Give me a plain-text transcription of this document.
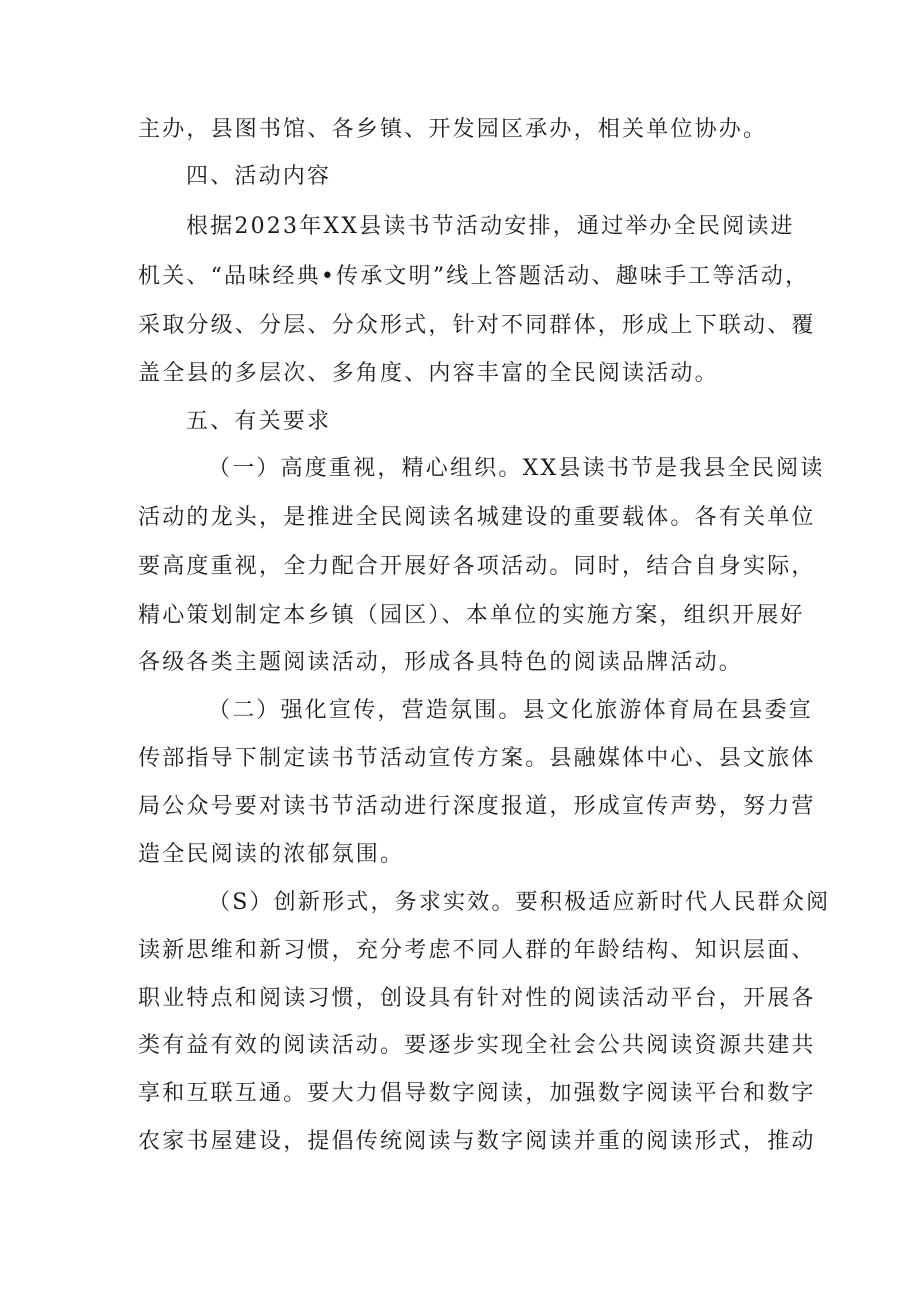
主办，县图书馆、各乡镇、开发园区承办，相关单位协办。
四、活动内容
根据2023年XX县读书节活动安排，通过举办全民阅读进
机关、“品味经典•传承文明”线上答题活动、趣味手工等活动，
采取分级、分层、分众形式，针对不同群体，形成上下联动、覆
盖全县的多层次、多角度、内容丰富的全民阅读活动。
五、有关要求
（一）高度重视，精心组织。XX县读书节是我县全民阅读
活动的龙头，是推进全民阅读名城建设的重要载体。各有关单位
要高度重视，全力配合开展好各项活动。同时，结合自身实际，
精心策划制定本乡镇（园区）、本单位的实施方案，组织开展好
各级各类主题阅读活动，形成各具特色的阅读品牌活动。
（二）强化宣传，营造氛围。县文化旅游体育局在县委宣
传部指导下制定读书节活动宣传方案。县融媒体中心、县文旅体
局公众号要对读书节活动进行深度报道，形成宣传声势，努力营
造全民阅读的浓郁氛围。
（S）创新形式，务求实效。要积极适应新时代人民群众阅
读新思维和新习惯，充分考虑不同人群的年龄结构、知识层面、
职业特点和阅读习惯，创设具有针对性的阅读活动平台，开展各
类有益有效的阅读活动。要逐步实现全社会公共阅读资源共建共
享和互联互通。要大力倡导数字阅读，加强数字阅读平台和数字
农家书屋建设，提倡传统阅读与数字阅读并重的阅读形式，推动
